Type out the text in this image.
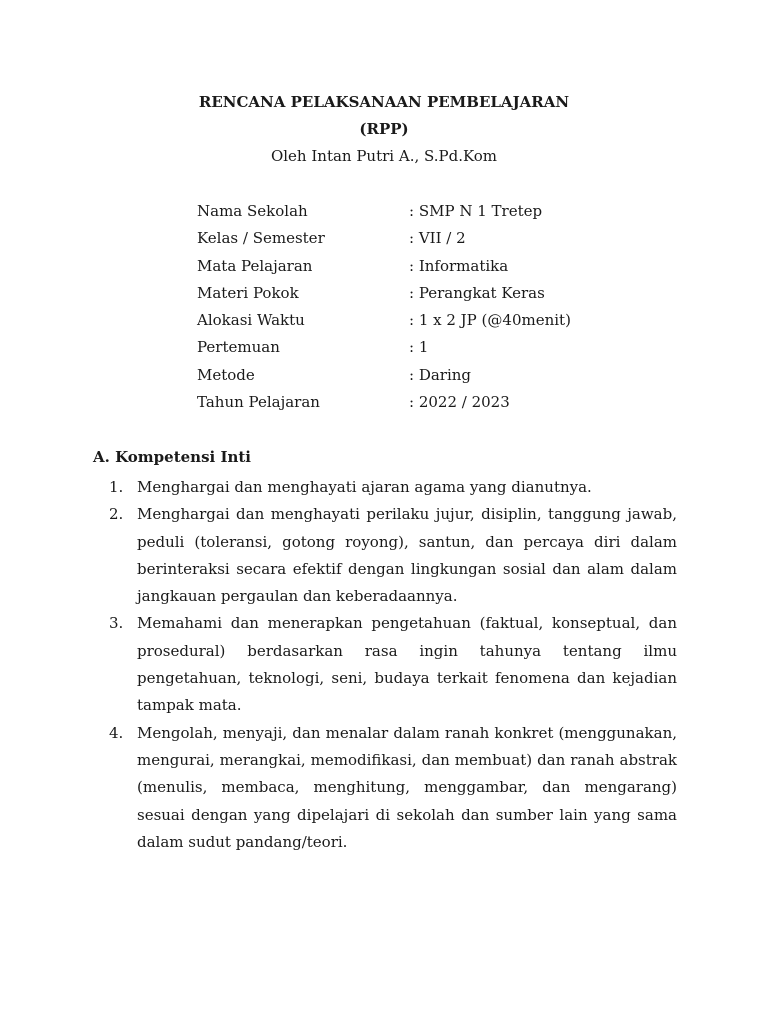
RENCANA PELAKSANAAN PEMBELAJARAN
(RPP)
Oleh Intan Putri A., S.Pd.Kom
Nama Sekolah	: SMP N 1 Tretep
Kelas / Semester	: VII / 2
Mata Pelajaran	: Informatika
Materi Pokok	: Perangkat Keras
Alokasi Waktu	: 1 x 2 JP (@40menit)
Pertemuan	: 1
Metode	: Daring
Tahun Pelajaran	: 2022 / 2023
A. Kompetensi Inti
1. Menghargai dan menghayati ajaran agama yang dianutnya.
2. Menghargai dan menghayati perilaku jujur, disiplin, tanggung jawab, peduli (toleransi, gotong royong), santun, dan percaya diri dalam berinteraksi secara efektif dengan lingkungan sosial dan alam dalam jangkauan pergaulan dan keberadaannya.
3. Memahami dan menerapkan pengetahuan (faktual, konseptual, dan prosedural) berdasarkan rasa ingin tahunya tentang ilmu pengetahuan, teknologi, seni, budaya terkait fenomena dan kejadian tampak mata.
4. Mengolah, menyaji, dan menalar dalam ranah konkret (menggunakan, mengurai, merangkai, memodifikasi, dan membuat) dan ranah abstrak (menulis, membaca, menghitung, menggambar, dan mengarang) sesuai dengan yang dipelajari di sekolah dan sumber lain yang sama dalam sudut pandang/teori.
